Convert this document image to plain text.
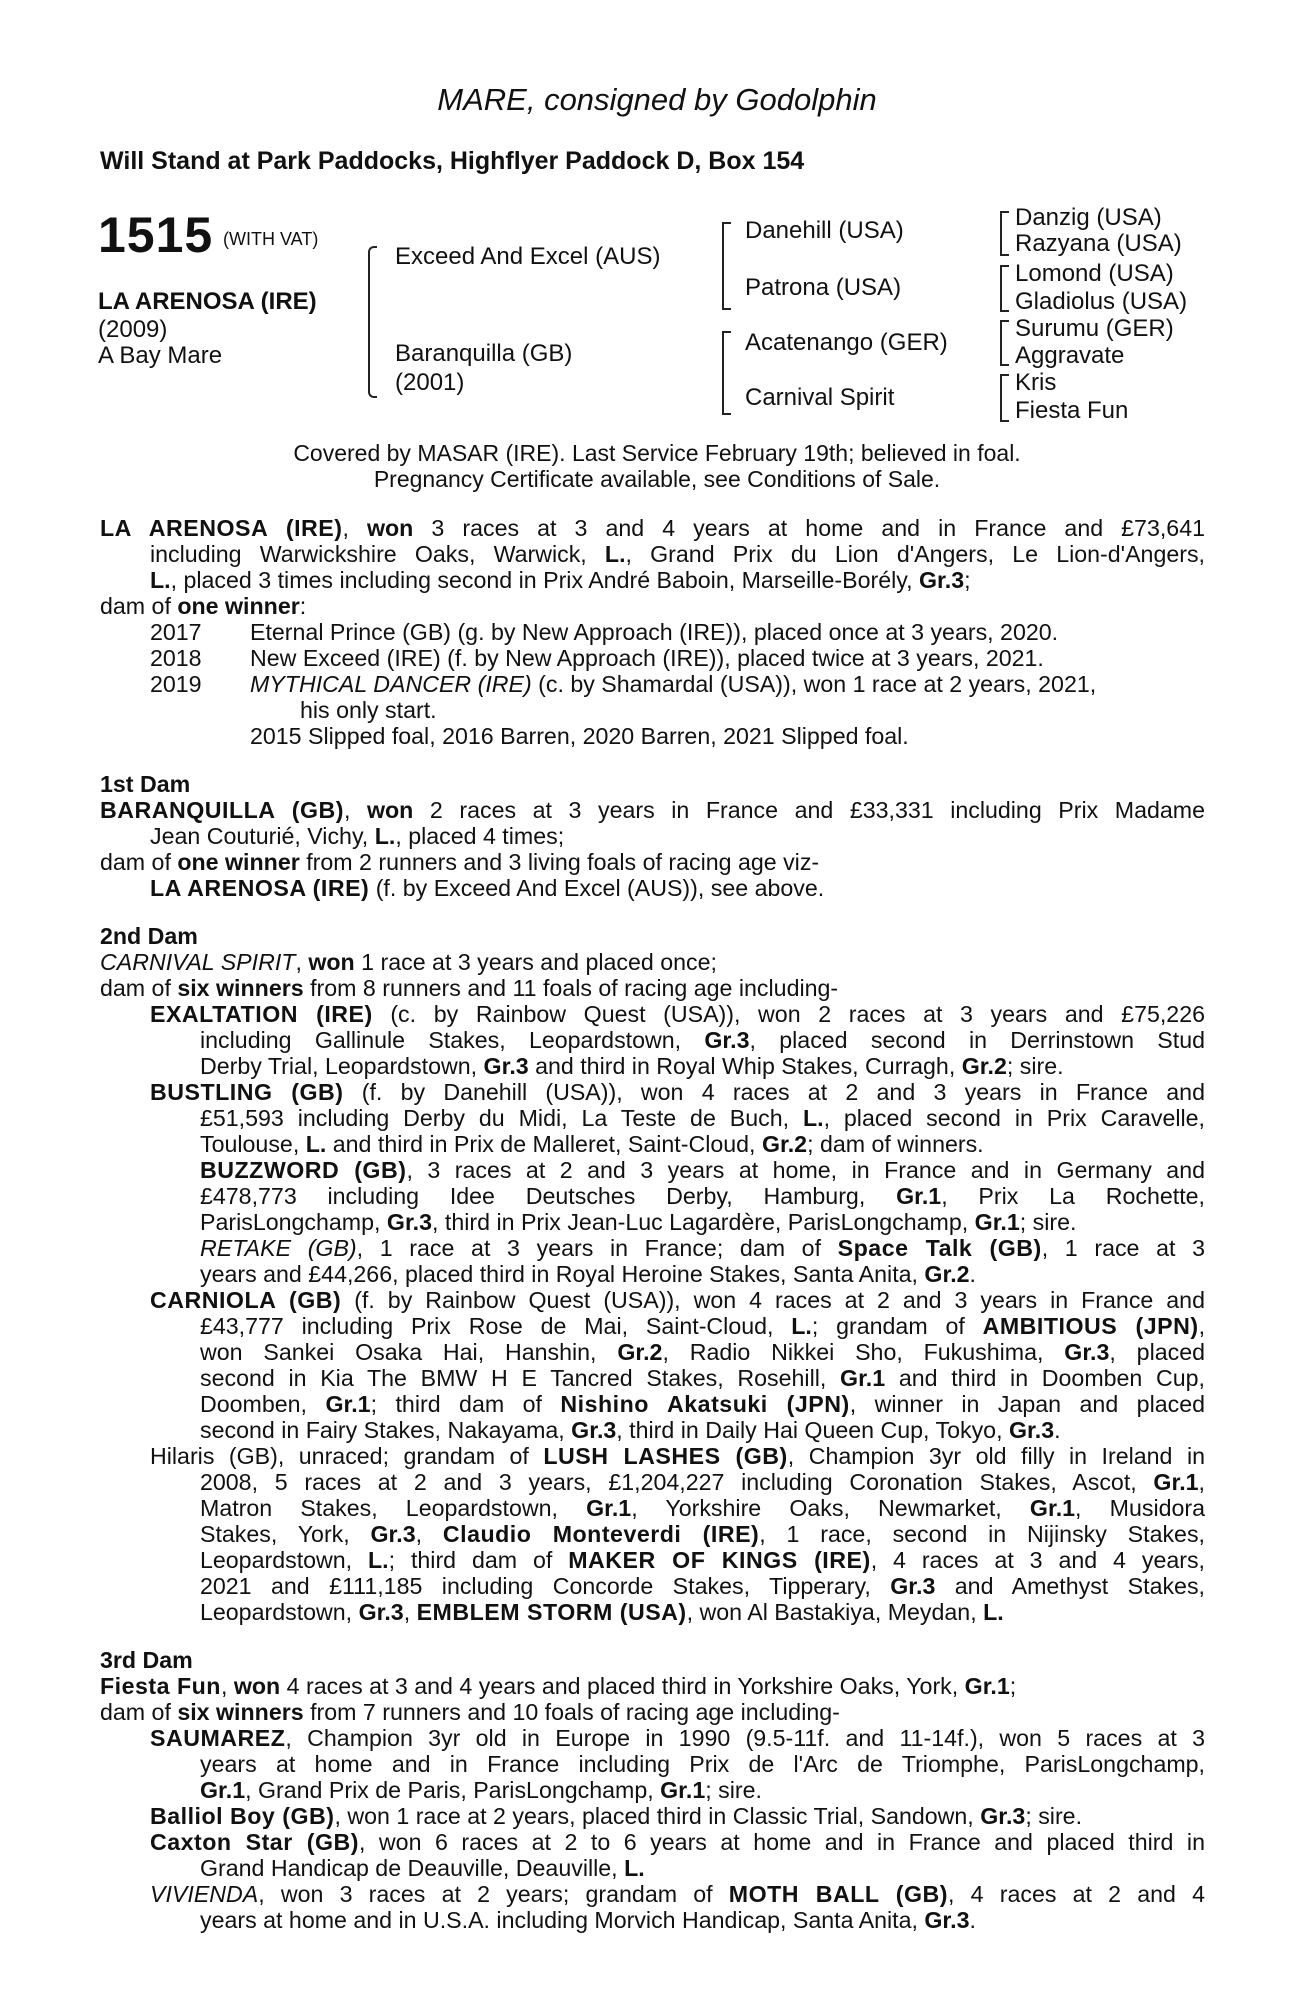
MARE, consigned by Godolphin
Will Stand at Park Paddocks, Highflyer Paddock D, Box 154
1515 (WITH VAT)
LA ARENOSA (IRE)
(2009)
A Bay Mare
Exceed And Excel (AUS)
Baranquilla (GB)
(2001)
Danehill (USA)
Patrona (USA)
Acatenango (GER)
Carnival Spirit
Danzig (USA)
Razyana (USA)
Lomond (USA)
Gladiolus (USA)
Surumu (GER)
Aggravate
Kris
Fiesta Fun
Covered by MASAR (IRE). Last Service February 19th; believed in foal.
Pregnancy Certificate available, see Conditions of Sale.
LA ARENOSA (IRE), won 3 races at 3 and 4 years at home and in France and £73,641
including Warwickshire Oaks, Warwick, L., Grand Prix du Lion d'Angers, Le Lion-d'Angers,
L., placed 3 times including second in Prix André Baboin, Marseille-Borély, Gr.3;
dam of one winner:
2017	Eternal Prince (GB) (g. by New Approach (IRE)), placed once at 3 years, 2020.
2018	New Exceed (IRE) (f. by New Approach (IRE)), placed twice at 3 years, 2021.
2019	MYTHICAL DANCER (IRE) (c. by Shamardal (USA)), won 1 race at 2 years, 2021,
his only start.
2015 Slipped foal, 2016 Barren, 2020 Barren, 2021 Slipped foal.
1st Dam
BARANQUILLA (GB), won 2 races at 3 years in France and £33,331 including Prix Madame
Jean Couturié, Vichy, L., placed 4 times;
dam of one winner from 2 runners and 3 living foals of racing age viz-
LA ARENOSA (IRE) (f. by Exceed And Excel (AUS)), see above.
2nd Dam
CARNIVAL SPIRIT, won 1 race at 3 years and placed once;
dam of six winners from 8 runners and 11 foals of racing age including-
EXALTATION (IRE) (c. by Rainbow Quest (USA)), won 2 races at 3 years and £75,226
including Gallinule Stakes, Leopardstown, Gr.3, placed second in Derrinstown Stud
Derby Trial, Leopardstown, Gr.3 and third in Royal Whip Stakes, Curragh, Gr.2; sire.
BUSTLING (GB) (f. by Danehill (USA)), won 4 races at 2 and 3 years in France and
£51,593 including Derby du Midi, La Teste de Buch, L., placed second in Prix Caravelle,
Toulouse, L. and third in Prix de Malleret, Saint-Cloud, Gr.2; dam of winners.
BUZZWORD (GB), 3 races at 2 and 3 years at home, in France and in Germany and
£478,773 including Idee Deutsches Derby, Hamburg, Gr.1, Prix La Rochette,
ParisLongchamp, Gr.3, third in Prix Jean-Luc Lagardère, ParisLongchamp, Gr.1; sire.
RETAKE (GB), 1 race at 3 years in France; dam of Space Talk (GB), 1 race at 3
years and £44,266, placed third in Royal Heroine Stakes, Santa Anita, Gr.2.
CARNIOLA (GB) (f. by Rainbow Quest (USA)), won 4 races at 2 and 3 years in France and
£43,777 including Prix Rose de Mai, Saint-Cloud, L.; grandam of AMBITIOUS (JPN),
won Sankei Osaka Hai, Hanshin, Gr.2, Radio Nikkei Sho, Fukushima, Gr.3, placed
second in Kia The BMW H E Tancred Stakes, Rosehill, Gr.1 and third in Doomben Cup,
Doomben, Gr.1; third dam of Nishino Akatsuki (JPN), winner in Japan and placed
second in Fairy Stakes, Nakayama, Gr.3, third in Daily Hai Queen Cup, Tokyo, Gr.3.
Hilaris (GB), unraced; grandam of LUSH LASHES (GB), Champion 3yr old filly in Ireland in
2008, 5 races at 2 and 3 years, £1,204,227 including Coronation Stakes, Ascot, Gr.1,
Matron Stakes, Leopardstown, Gr.1, Yorkshire Oaks, Newmarket, Gr.1, Musidora
Stakes, York, Gr.3, Claudio Monteverdi (IRE), 1 race, second in Nijinsky Stakes,
Leopardstown, L.; third dam of MAKER OF KINGS (IRE), 4 races at 3 and 4 years,
2021 and £111,185 including Concorde Stakes, Tipperary, Gr.3 and Amethyst Stakes,
Leopardstown, Gr.3, EMBLEM STORM (USA), won Al Bastakiya, Meydan, L.
3rd Dam
Fiesta Fun, won 4 races at 3 and 4 years and placed third in Yorkshire Oaks, York, Gr.1;
dam of six winners from 7 runners and 10 foals of racing age including-
SAUMAREZ, Champion 3yr old in Europe in 1990 (9.5-11f. and 11-14f.), won 5 races at 3
years at home and in France including Prix de l'Arc de Triomphe, ParisLongchamp,
Gr.1, Grand Prix de Paris, ParisLongchamp, Gr.1; sire.
Balliol Boy (GB), won 1 race at 2 years, placed third in Classic Trial, Sandown, Gr.3; sire.
Caxton Star (GB), won 6 races at 2 to 6 years at home and in France and placed third in
Grand Handicap de Deauville, Deauville, L.
VIVIENDA, won 3 races at 2 years; grandam of MOTH BALL (GB), 4 races at 2 and 4
years at home and in U.S.A. including Morvich Handicap, Santa Anita, Gr.3.
